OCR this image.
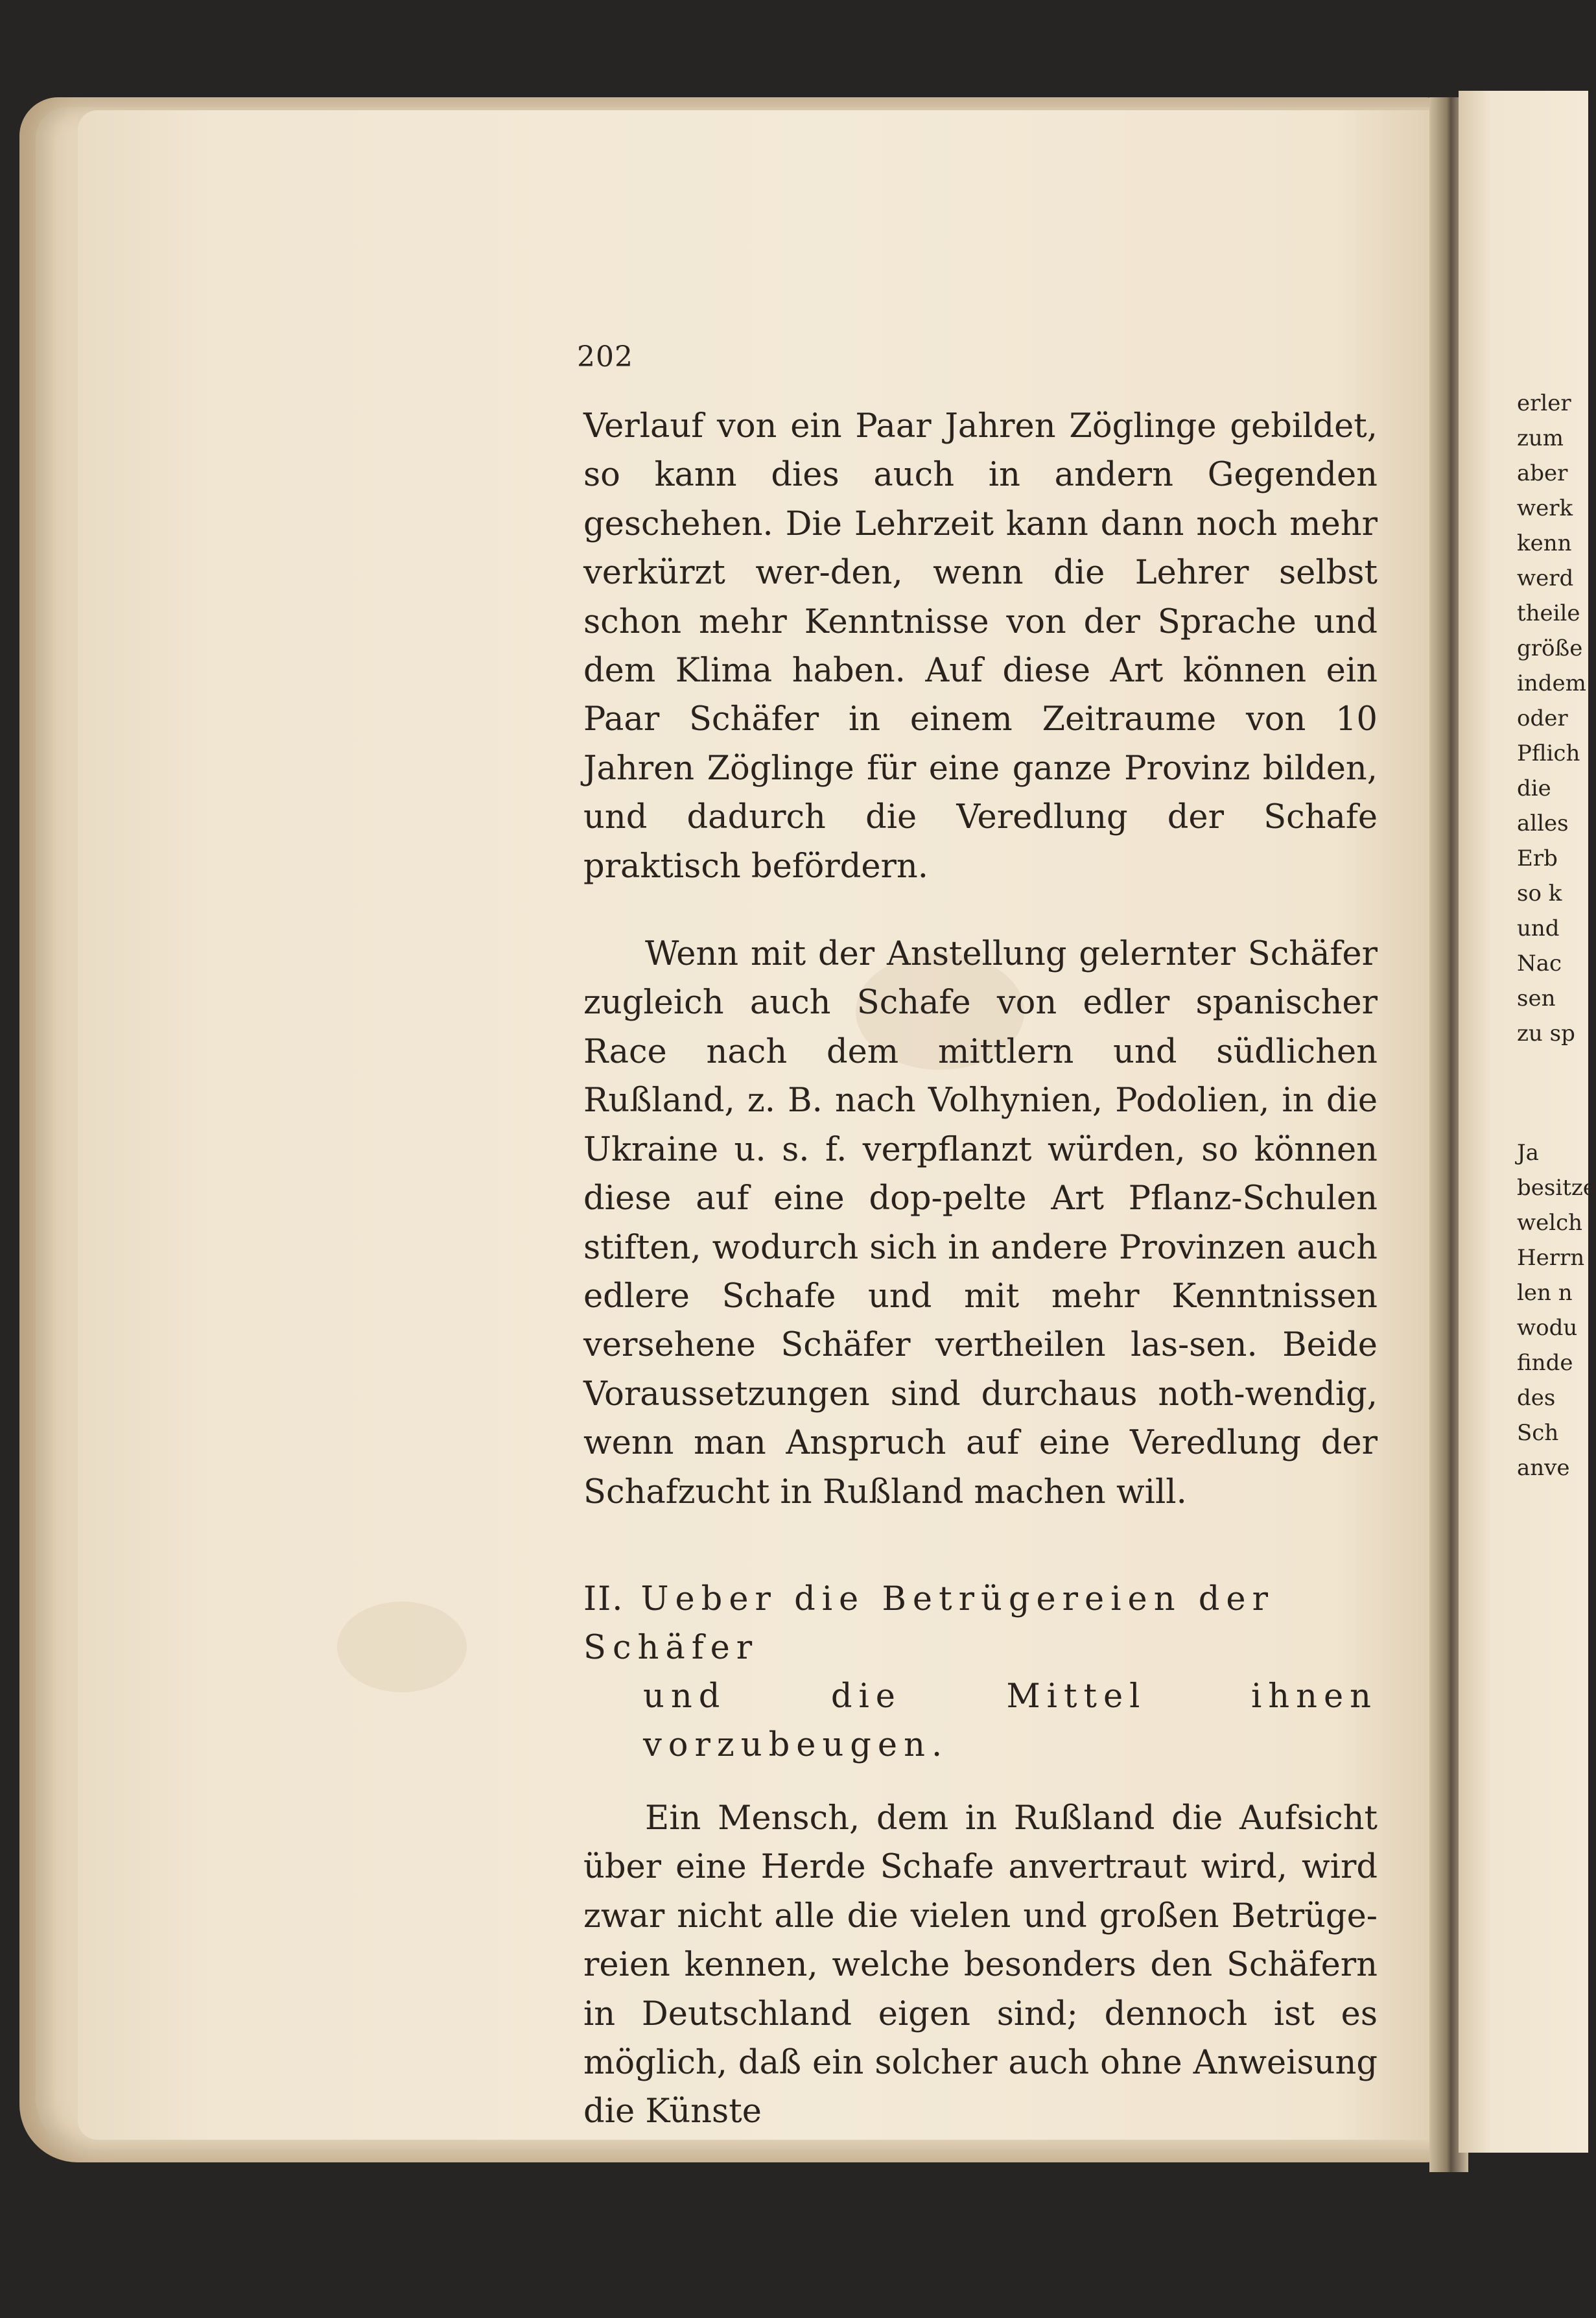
202

Verlauf von ein Paar Jahren Zöglinge gebildet, so kann dies auch in andern Gegenden geschehen. Die Lehrzeit kann dann noch mehr verkürzt wer-den, wenn die Lehrer selbst schon mehr Kenntnisse von der Sprache und dem Klima haben. Auf diese Art können ein Paar Schäfer in einem Zeitraume von 10 Jahren Zöglinge für eine ganze Provinz bilden, und dadurch die Veredlung der Schafe praktisch befördern.

Wenn mit der Anstellung gelernter Schäfer zugleich auch Schafe von edler spanischer Race nach dem mittlern und südlichen Rußland, z. B. nach Volhynien, Podolien, in die Ukraine u. s. f. verpflanzt würden, so können diese auf eine dop-pelte Art Pflanz-Schulen stiften, wodurch sich in andere Provinzen auch edlere Schafe und mit mehr Kenntnissen versehene Schäfer vertheilen las-sen. Beide Voraussetzungen sind durchaus noth-wendig, wenn man Anspruch auf eine Veredlung der Schafzucht in Rußland machen will.

II. Ueber die Betrügereien der Schäfer

und die Mittel ihnen vorzubeugen.

Ein Mensch, dem in Rußland die Aufsicht über eine Herde Schafe anvertraut wird, wird zwar nicht alle die vielen und großen Betrüge-reien kennen, welche besonders den Schäfern in Deutschland eigen sind; dennoch ist es möglich, daß ein solcher auch ohne Anweisung die Künste

erler
zum
aber
werk
kenn
werd
theile
größe
indem
oder
Pflich
die
alles
Erb
so k
und
Nac
sen
zu sp
Ja
besitze
welch
Herrn
len n
wodu
finde
des
Sch
anve
